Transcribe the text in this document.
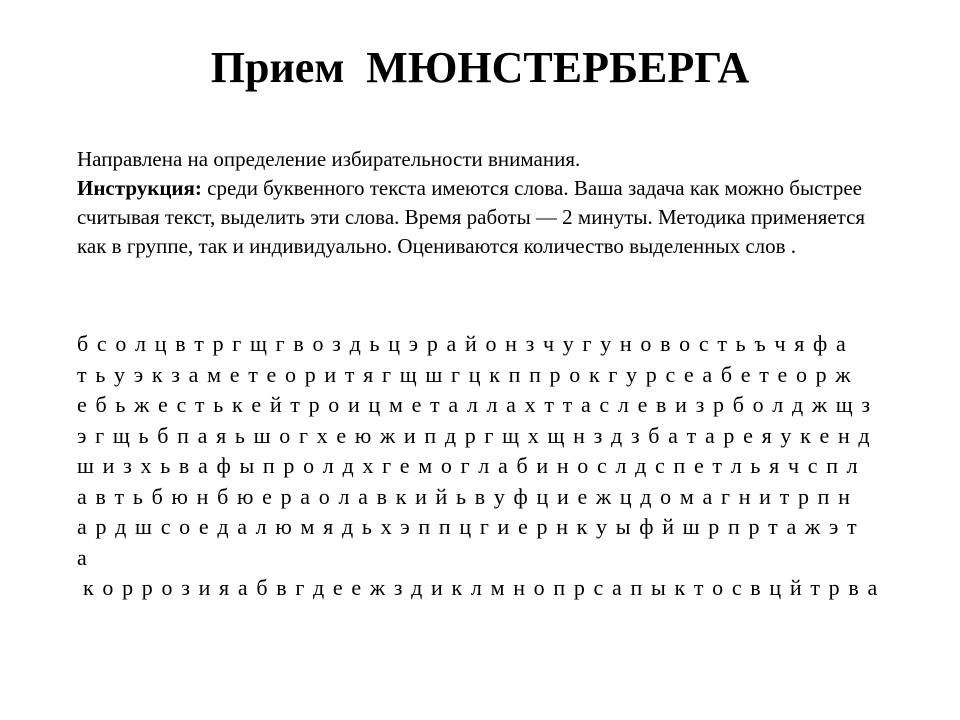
Прием  МЮНСТЕРБЕРГА

Направлена на определение избирательности внимания.

Инструкция: среди буквенного текста имеются слова. Ваша задача как можно быстрее считывая текст, выделить эти слова. Время работы — 2 минуты. Методика применяется как в группе, так и индивидуально. Оцениваются количество выделенных слов .

б с о л ц в т р г щ г в о з д ь ц э р а й о н з ч у г у н о в о с т ь ъ ч я ф а
т ь у э к з а м е т е о р и т я г щ ш г ц к п п р о к г у р с е а б е т е о р ж
е б ь ж е с т ь к е й т р о и ц м е т а л л а х т т а с л е в и з р б о л д ж щ з
э г щ ь б п а я ь ш о г х е ю ж и п д р г щ х щ н з д з б а т а р е я у к е н д
ш и з х ь в а ф ы п р о л д х г е м о г л а б и н о с л д с п е т л ь я ч с п л
а в т ь б ю н б ю е р а о л а в к и й ь в у ф ц и е ж ц д о м а г н и т р п н
а р д ш с о е д а л ю м я д ь х э п п ц г и е р н к у ы ф й ш р п р т а ж э т
а
к о р р о з и я а б в г д е е ж з д и к л м н о п р с а п ы к т о с в ц й т р в а
